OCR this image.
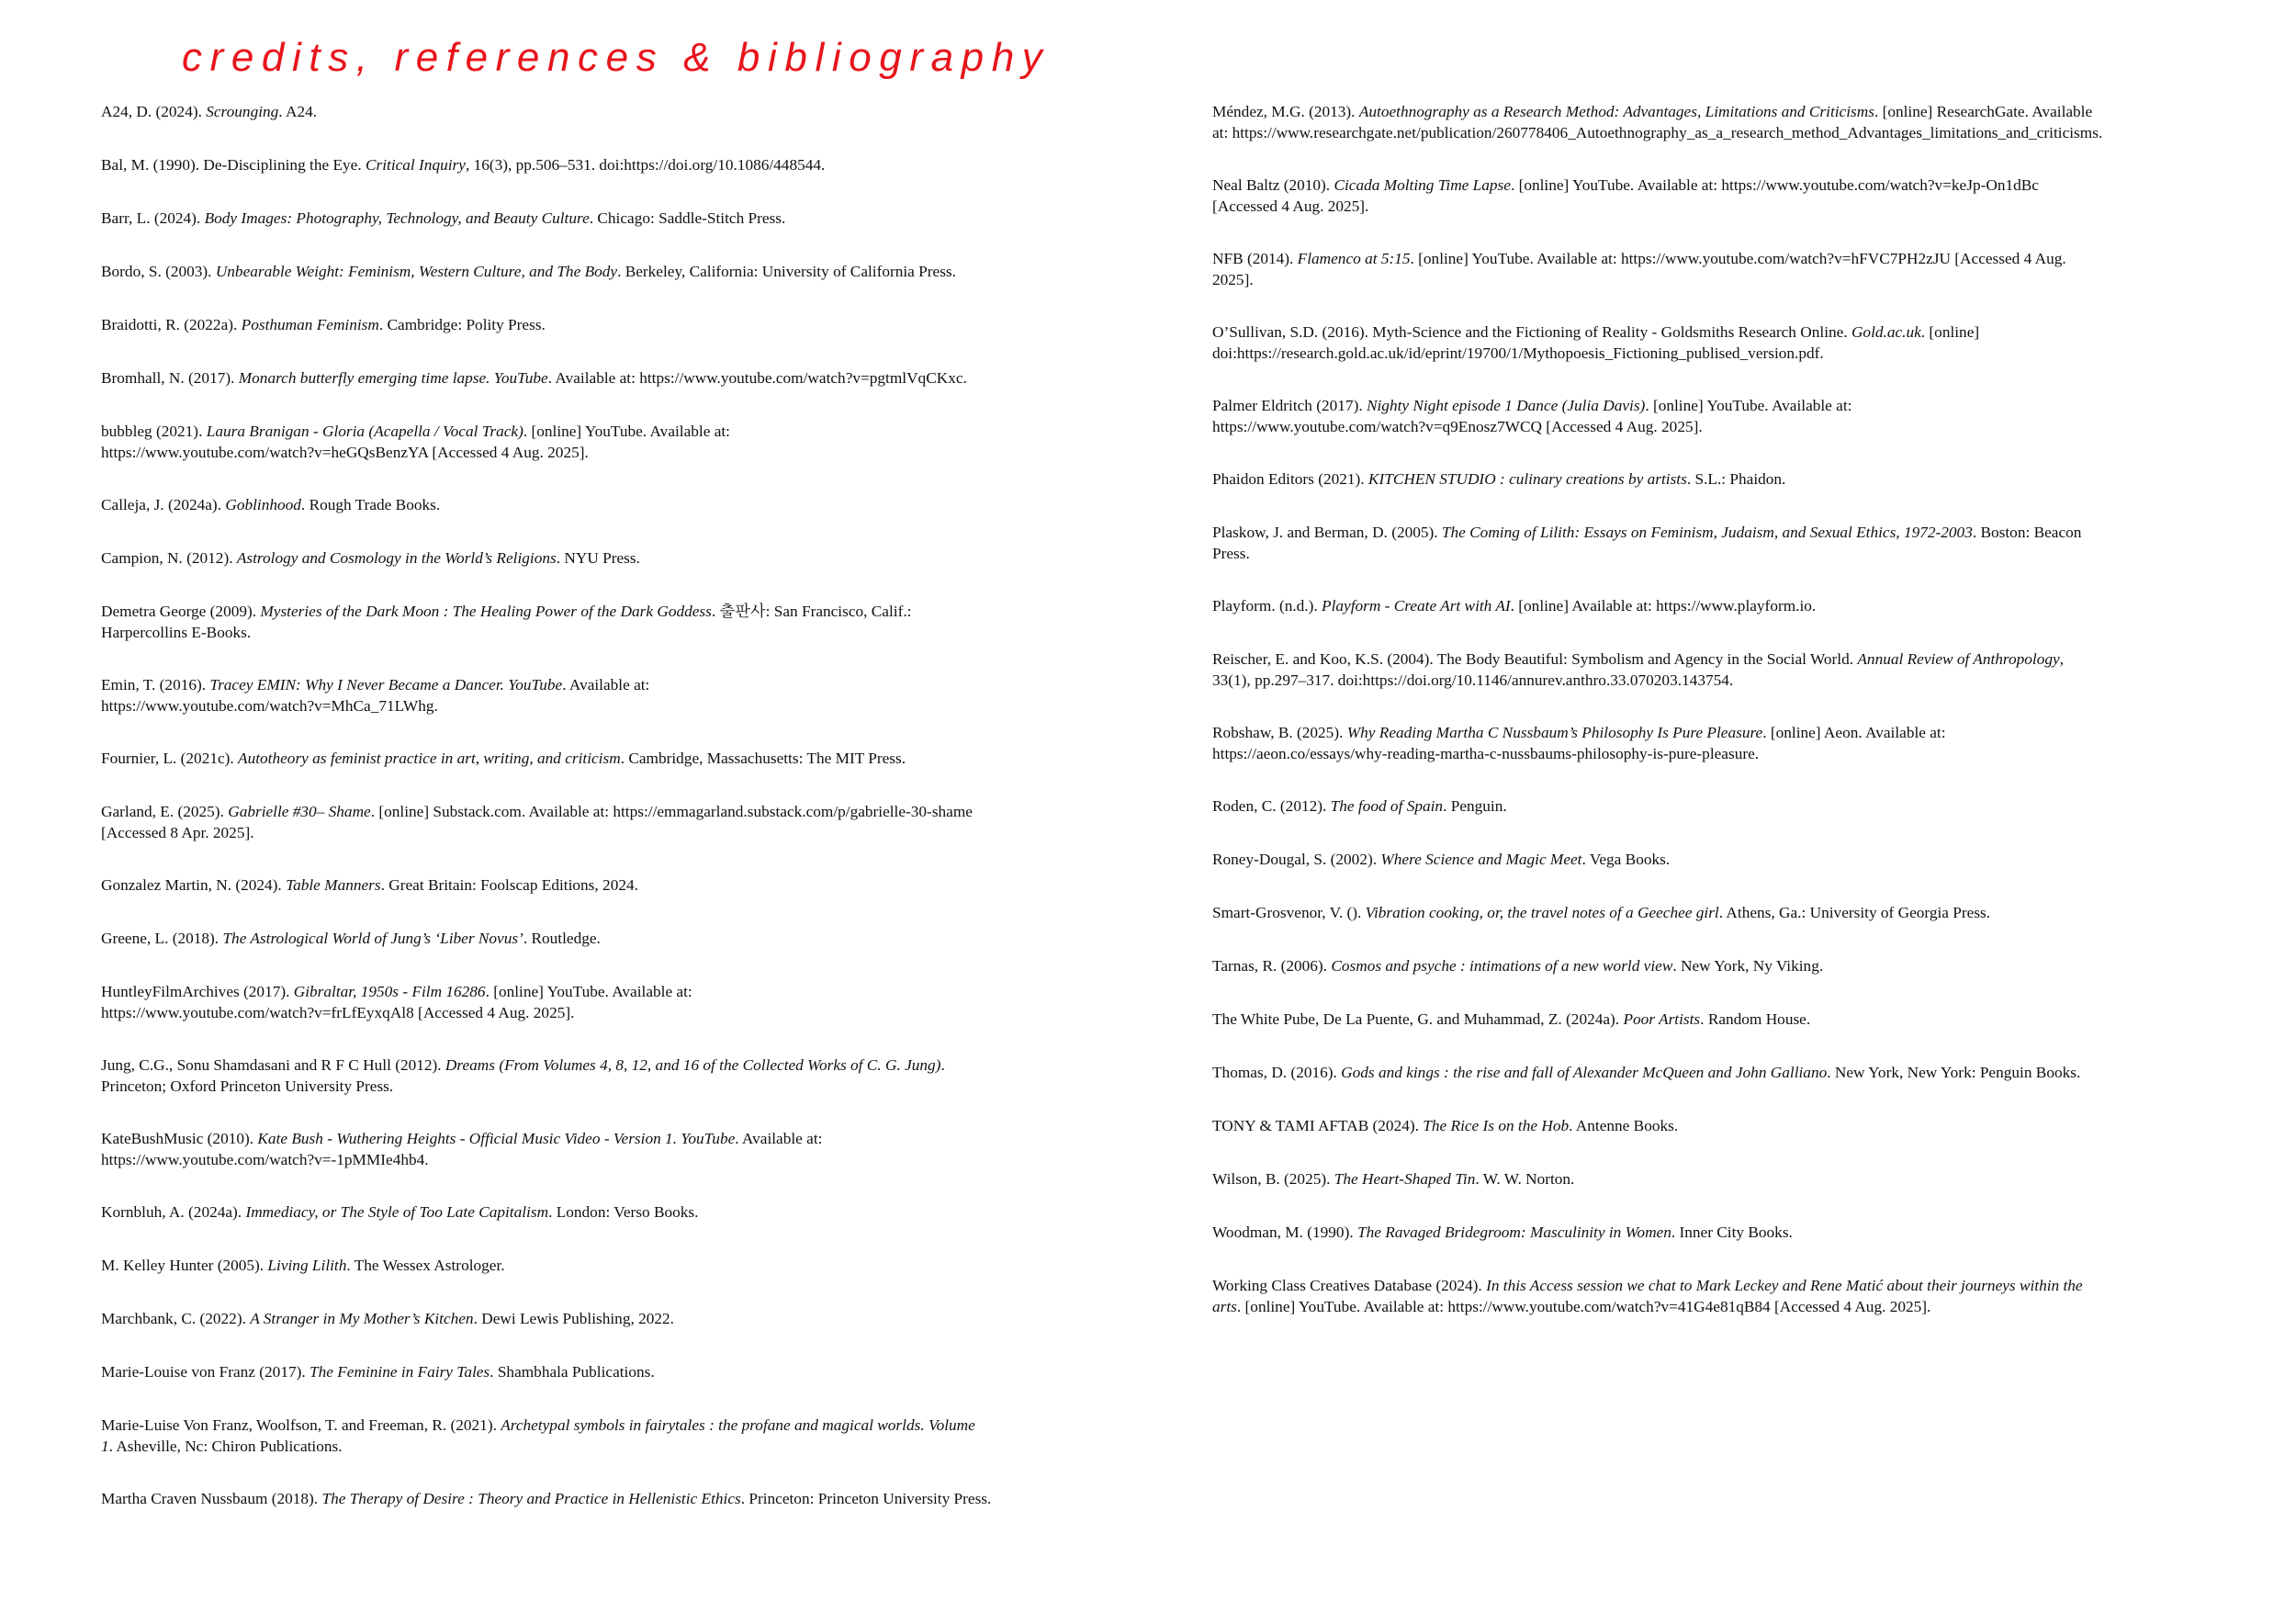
credits, references & bibliography

A24, D. (2024). Scrounging. A24.

Bal, M. (1990). De-Disciplining the Eye. Critical Inquiry, 16(3), pp.506–531. doi:https://doi.org/10.1086/448544.

Barr, L. (2024). Body Images: Photography, Technology, and Beauty Culture. Chicago: Saddle-Stitch Press.

Bordo, S. (2003). Unbearable Weight: Feminism, Western Culture, and The Body. Berkeley, California: University of California Press.

Braidotti, R. (2022a). Posthuman Feminism. Cambridge: Polity Press.

Bromhall, N. (2017). Monarch butterfly emerging time lapse. YouTube. Available at: https://www.youtube.com/watch?v=pgtmlVqCKxc.

bubbleg (2021). Laura Branigan - Gloria (Acapella / Vocal Track). [online] YouTube. Available at:
https://www.youtube.com/watch?v=heGQsBenzYA [Accessed 4 Aug. 2025].

Calleja, J. (2024a). Goblinhood. Rough Trade Books.

Campion, N. (2012). Astrology and Cosmology in the World’s Religions. NYU Press.

Demetra George (2009). Mysteries of the Dark Moon : The Healing Power of the Dark Goddess. 출판사: San Francisco, Calif.:
Harpercollins E-Books.

Emin, T. (2016). Tracey EMIN: Why I Never Became a Dancer. YouTube. Available at:
https://www.youtube.com/watch?v=MhCa_71LWhg.

Fournier, L. (2021c). Autotheory as feminist practice in art, writing, and criticism. Cambridge, Massachusetts: The MIT Press.

Garland, E. (2025). Gabrielle #30– Shame. [online] Substack.com. Available at: https://emmagarland.substack.com/p/gabrielle-30-shame
[Accessed 8 Apr. 2025].

Gonzalez Martin, N. (2024). Table Manners. Great Britain: Foolscap Editions, 2024.

Greene, L. (2018). The Astrological World of Jung’s ‘Liber Novus’. Routledge.

HuntleyFilmArchives (2017). Gibraltar, 1950s - Film 16286. [online] YouTube. Available at:
https://www.youtube.com/watch?v=frLfEyxqAl8 [Accessed 4 Aug. 2025].

Jung, C.G., Sonu Shamdasani and R F C Hull (2012). Dreams (From Volumes 4, 8, 12, and 16 of the Collected Works of C. G. Jung).
Princeton; Oxford Princeton University Press.

KateBushMusic (2010). Kate Bush - Wuthering Heights - Official Music Video - Version 1. YouTube. Available at:
https://www.youtube.com/watch?v=-1pMMIe4hb4.

Kornbluh, A. (2024a). Immediacy, or The Style of Too Late Capitalism. London: Verso Books.

M. Kelley Hunter (2005). Living Lilith. The Wessex Astrologer.

Marchbank, C. (2022). A Stranger in My Mother’s Kitchen. Dewi Lewis Publishing, 2022.

Marie-Louise von Franz (2017). The Feminine in Fairy Tales. Shambhala Publications.

Marie-Luise Von Franz, Woolfson, T. and Freeman, R. (2021). Archetypal symbols in fairytales : the profane and magical worlds. Volume
1. Asheville, Nc: Chiron Publications.

Martha Craven Nussbaum (2018). The Therapy of Desire : Theory and Practice in Hellenistic Ethics. Princeton: Princeton University Press.

Méndez, M.G. (2013). Autoethnography as a Research Method: Advantages, Limitations and Criticisms. [online] ResearchGate. Available
at: https://www.researchgate.net/publication/260778406_Autoethnography_as_a_research_method_Advantages_limitations_and_criticisms.

Neal Baltz (2010). Cicada Molting Time Lapse. [online] YouTube. Available at: https://www.youtube.com/watch?v=keJp-On1dBc
[Accessed 4 Aug. 2025].

NFB (2014). Flamenco at 5:15. [online] YouTube. Available at: https://www.youtube.com/watch?v=hFVC7PH2zJU [Accessed 4 Aug.
2025].

O’Sullivan, S.D. (2016). Myth-Science and the Fictioning of Reality - Goldsmiths Research Online. Gold.ac.uk. [online]
doi:https://research.gold.ac.uk/id/eprint/19700/1/Mythopoesis_Fictioning_publised_version.pdf.

Palmer Eldritch (2017). Nighty Night episode 1 Dance (Julia Davis). [online] YouTube. Available at:
https://www.youtube.com/watch?v=q9Enosz7WCQ [Accessed 4 Aug. 2025].

Phaidon Editors (2021). KITCHEN STUDIO : culinary creations by artists. S.L.: Phaidon.

Plaskow, J. and Berman, D. (2005). The Coming of Lilith: Essays on Feminism, Judaism, and Sexual Ethics, 1972-2003. Boston: Beacon
Press.

Playform. (n.d.). Playform - Create Art with AI. [online] Available at: https://www.playform.io.

Reischer, E. and Koo, K.S. (2004). The Body Beautiful: Symbolism and Agency in the Social World. Annual Review of Anthropology,
33(1), pp.297–317. doi:https://doi.org/10.1146/annurev.anthro.33.070203.143754.

Robshaw, B. (2025). Why Reading Martha C Nussbaum’s Philosophy Is Pure Pleasure. [online] Aeon. Available at:
https://aeon.co/essays/why-reading-martha-c-nussbaums-philosophy-is-pure-pleasure.

Roden, C. (2012). The food of Spain. Penguin.

Roney-Dougal, S. (2002). Where Science and Magic Meet. Vega Books.

Smart-Grosvenor, V. (). Vibration cooking, or, the travel notes of a Geechee girl. Athens, Ga.: University of Georgia Press.

Tarnas, R. (2006). Cosmos and psyche : intimations of a new world view. New York, Ny Viking.

The White Pube, De La Puente, G. and Muhammad, Z. (2024a). Poor Artists. Random House.

Thomas, D. (2016). Gods and kings : the rise and fall of Alexander McQueen and John Galliano. New York, New York: Penguin Books.

TONY & TAMI AFTAB (2024). The Rice Is on the Hob. Antenne Books.

Wilson, B. (2025). The Heart-Shaped Tin. W. W. Norton.

Woodman, M. (1990). The Ravaged Bridegroom: Masculinity in Women. Inner City Books.

Working Class Creatives Database (2024). In this Access session we chat to Mark Leckey and Rene Matić about their journeys within the
arts. [online] YouTube. Available at: https://www.youtube.com/watch?v=41G4e81qB84 [Accessed 4 Aug. 2025].
